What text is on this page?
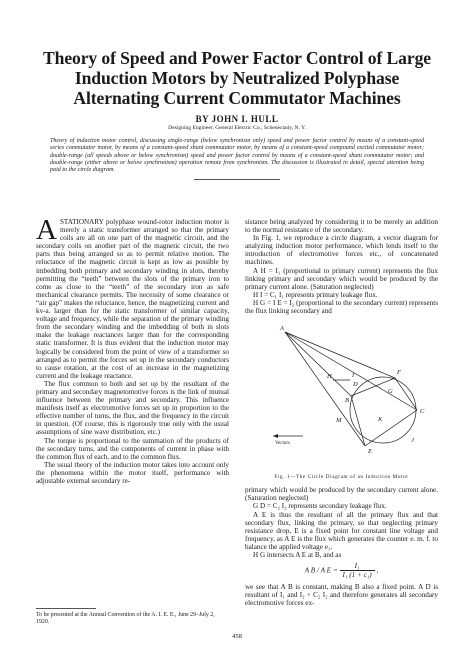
Theory of Speed and Power Factor Control of Large
Induction Motors by Neutralized Polyphase
Alternating Current Commutator Machines
BY JOHN I. HULL
Designing Engineer, General Electric Co., Schenectady, N. Y.
Theory of induction motor control, discussing single-range (below synchronism only) speed and power factor control by means of a constant-speed series commutator motor, by means of a constant-speed shunt commutator motor, by means of a constant-speed compound excited commutator motor; double-range (all speeds above or below synchronism) speed and power factor control by means of a constant-speed shunt commutator motor; and double-range (either above or below synchronism) operation remote from synchronism. The discussion is illustrated in detail, special attention being paid to the circle diagram.

ASTATIONARY polyphase wound-rotor induction motor is merely a static transformer arranged so that the primary coils are all on one part of the magnetic circuit, and the secondary coils on another part of the magnetic circuit, the two parts thus being arranged so as to permit relative motion. The reluctance of the magnetic circuit is kept as low as possible by imbedding both primary and secondary winding in slots, thereby permitting the “teeth” between the slots of the primary iron to come as close to the “teeth” of the secondary iron as safe mechanical clearance permits. The necessity of some clearance or “air gap” makes the reluctance, hence, the magnetizing current and kv-a. larger than for the static transformer of similar capacity, voltage and frequency, while the separation of the primary winding from the secondary winding and the imbedding of both in slots make the leakage reactances larger than for the corresponding static transformer. It is thus evident that the induction motor may logically be considered from the point of view of a transformer so arranged as to permit the forces set up in the secondary conductors to cause rotation, at the cost of an increase in the magnetizing current and the leakage reactance.

The flux common to both and set up by the resultant of the primary and secondary magnetomotive forces is the link of mutual influence between the primary and secondary. This influence manifests itself as electromotive forces set up in proportion to the effective number of turns, the flux, and the frequency in the circuit in question. (Of course, this is rigorously true only with the usual assumptions of sine wave distribution, etc.)

The torque is proportional to the summation of the products of the secondary turns, and the components of current in phase with the common flux of each, and to the common flux.

The usual theory of the induction motor takes into account only the phenomena within the motor itself, performance with adjustable external secondary re-

sistance being analyzed by considering it to be merely an addition to the normal resistance of the secondary.

In Fig. 1, we reproduce a circle diagram, a vector diagram for analyzing induction motor performance, which lends itself to the introduction of electromotive forces etc., of concatenated machines.

A H = I₁ (proportional to primary current) represents the flux linking primary and secondary which would be produced by the primary current alone. (Saturation neglected)

H I = C₁ I₁ represents primary leakage flux.

H G = I E = I₂ (proportional to the secondary current) represents the flux linking secondary and

A
B
C
D
E
F
G
H	I
J
K
M
Vectors
Fig. 1—The Circle Diagram of an Induction Motor

primary which would be produced by the secondary current alone. (Saturation neglected)

G D = C₂ I₂ represents secondary leakage flux.

A E is thus the resultant of all the primary flux and that secondary flux, linking the primary, so that neglecting primary resistance drop, E is a fixed point for constant line voltage and frequency, as A E is the flux which generates the counter e. m. f. to balance the applied voltage e₁.

H G intersects A E at B, and as

A B / A $E = \frac{\text{I₁}}{\text{I₁ (1 + c₁)}}$ ,

we see that A B is constant, making B also a fixed point. A D is resultant of I₁ and I₂ + C₂ I₂ and therefore generates all secondary electromotive forces ex-

To be presented at the Annual Convention of the A. I. E. E., June 29–July 2, 1920.
458
